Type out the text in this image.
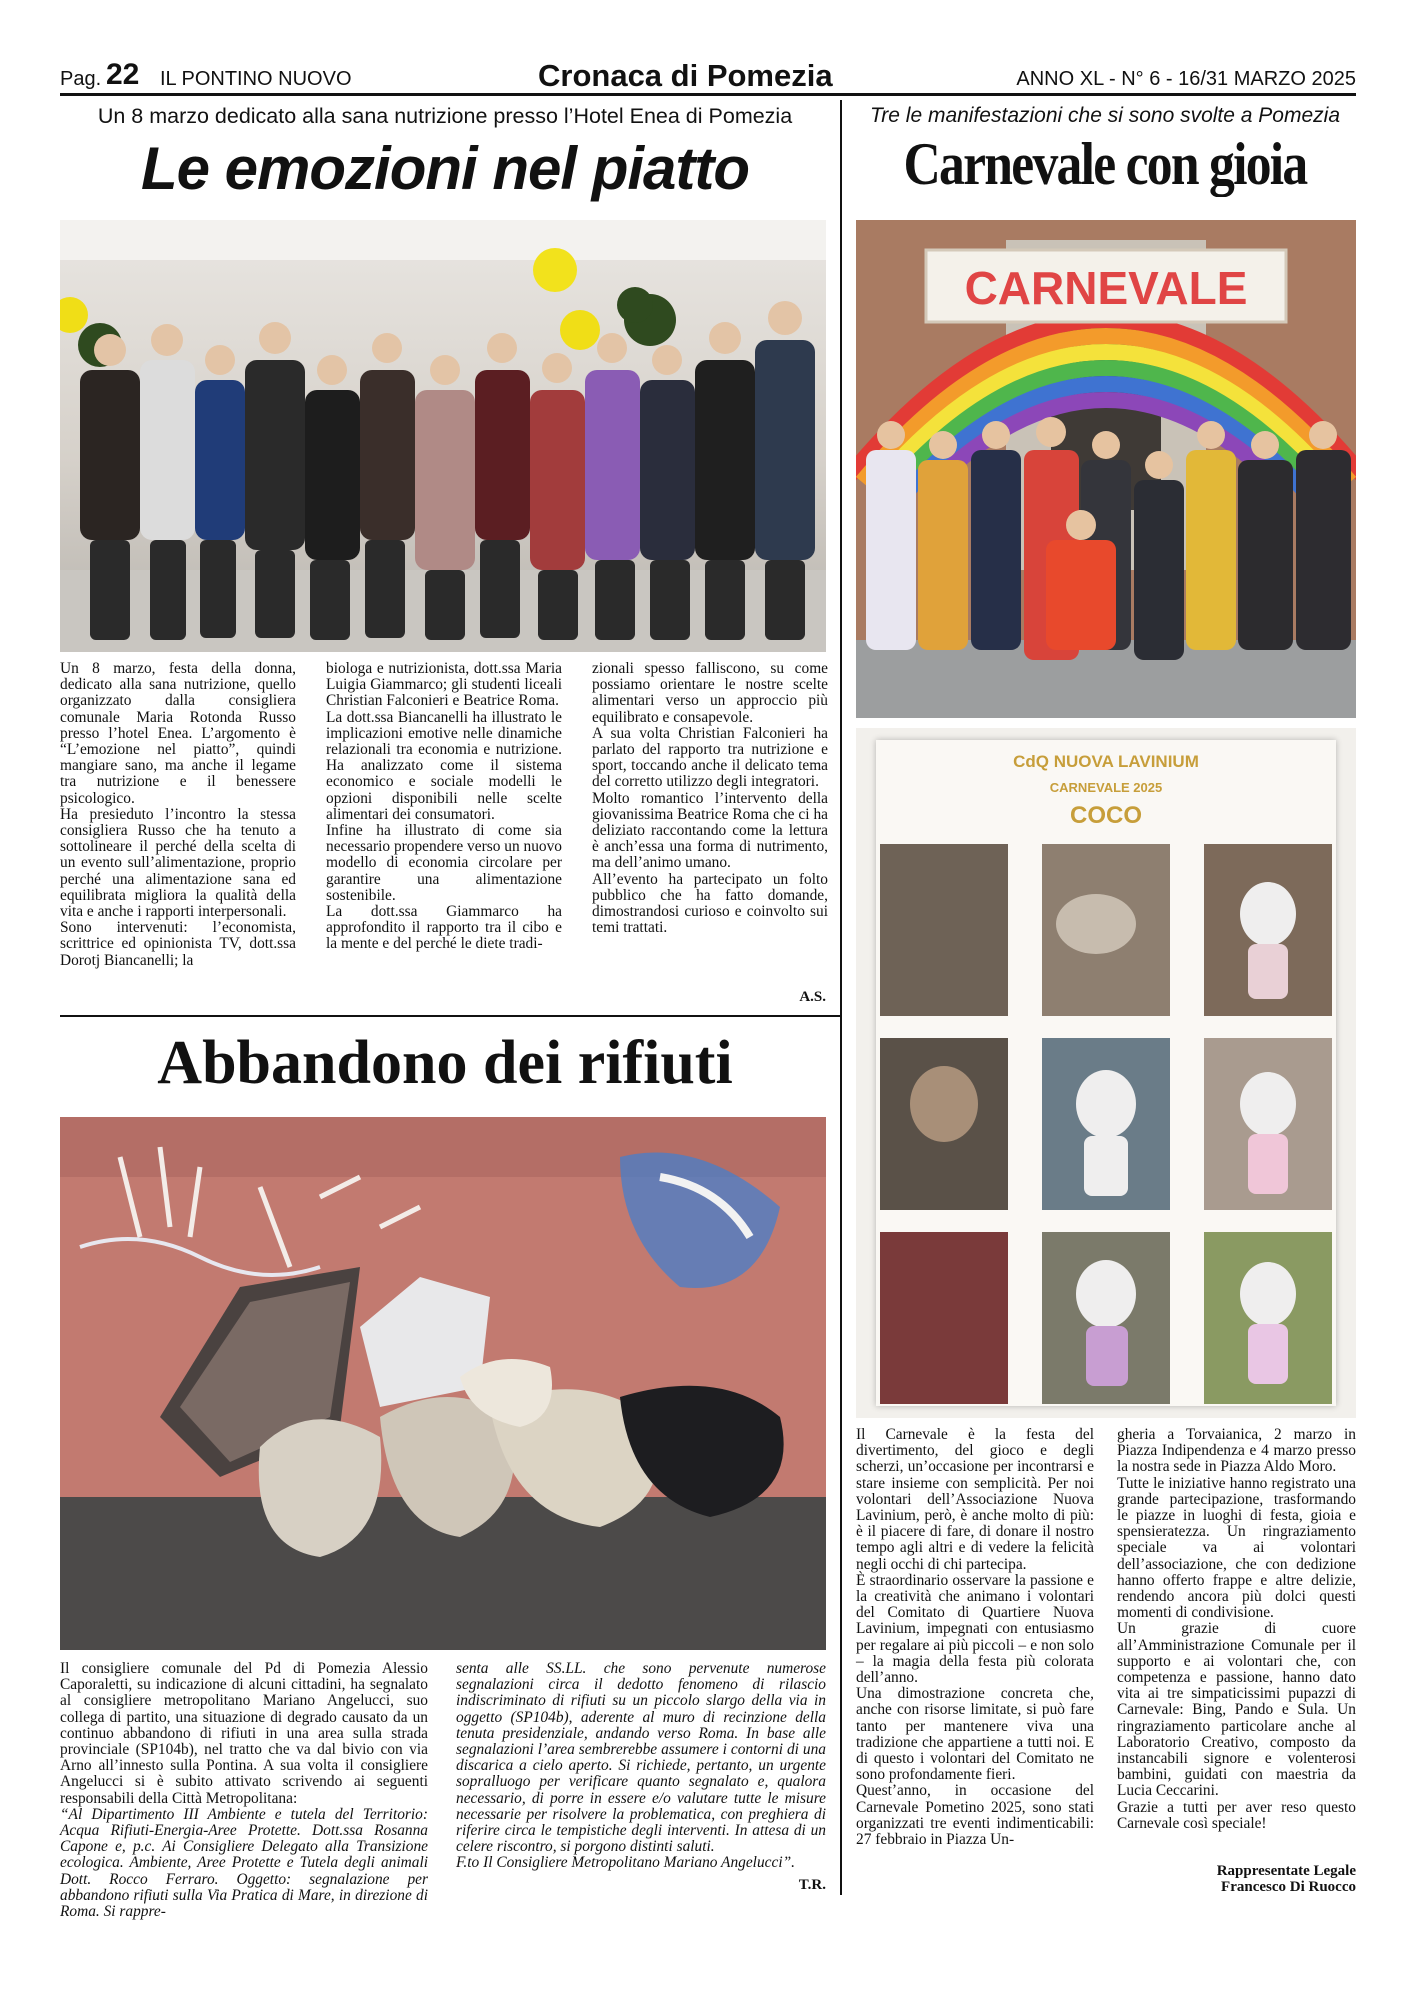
Pag. 22 IL PONTINO NUOVO	Cronaca di Pomezia	ANNO XL - N° 6 - 16/31 MARZO 2025
Un 8 marzo dedicato alla sana nutrizione presso l’Hotel Enea di Pomezia
Le emozioni nel piatto

Un 8 marzo, festa della donna, dedicato alla sana nutrizione, quello organizzato dalla consigliera comunale Maria Rotonda Russo presso l’hotel Enea. L’argomento è “L’emozione nel piatto”, quindi mangiare sano, ma anche il legame tra nutrizione e il benessere psicologico.

Ha presieduto l’incontro la stessa consigliera Russo che ha tenuto a sottolineare il perché della scelta di un evento sull’alimentazione, proprio perché una alimentazione sana ed equilibrata migliora la qualità della vita e anche i rapporti interpersonali.

Sono intervenuti: l’economista, scrittrice ed opinionista TV, dott.ssa Dorotj Biancanelli; la

biologa e nutrizionista, dott.ssa Maria Luigia Giammarco; gli studenti liceali Christian Falconieri e Beatrice Roma.

La dott.ssa Biancanelli ha illustrato le implicazioni emotive nelle dinamiche relazionali tra economia e nutrizione. Ha analizzato come il sistema economico e sociale modelli le opzioni disponibili nelle scelte alimentari dei consumatori.

Infine ha illustrato di come sia necessario propendere verso un nuovo modello di economia circolare per garantire una alimentazione sostenibile.

La dott.ssa Giammarco ha approfondito il rapporto tra il cibo e la mente e del perché le diete tradi-

zionali spesso falliscono, su come possiamo orientare le nostre scelte alimentari verso un approccio più equilibrato e consapevole.

A sua volta Christian Falconieri ha parlato del rapporto tra nutrizione e sport, toccando anche il delicato tema del corretto utilizzo degli integratori.

Molto romantico l’intervento della giovanissima Beatrice Roma che ci ha deliziato raccontando come la lettura è anch’essa una forma di nutrimento, ma dell’animo umano.

All’evento ha partecipato un folto pubblico che ha fatto domande, dimostrandosi curioso e coinvolto sui temi trattati.

A.S.
Abbandono dei rifiuti

Il consigliere comunale del Pd di Pomezia Alessio Caporaletti, su indicazione di alcuni cittadini, ha segnalato al consigliere metropolitano Mariano Angelucci, suo collega di partito, una situazione di degrado causato da un continuo abbandono di rifiuti in una area sulla strada provinciale (SP104b), nel tratto che va dal bivio con via Arno all’innesto sulla Pontina. A sua volta il consigliere Angelucci si è subito attivato scrivendo ai seguenti responsabili della Città Metropolitana:

“Al Dipartimento III Ambiente e tutela del Territorio: Acqua Rifiuti-Energia-Aree Protette. Dott.ssa Rosanna Capone e, p.c. Ai Consigliere Delegato alla Transizione ecologica. Ambiente, Aree Protette e Tutela degli animali Dott. Rocco Ferraro. Oggetto: segnalazione per abbandono rifiuti sulla Via Pratica di Mare, in direzione di Roma. Si rappre-

senta alle SS.LL. che sono pervenute numerose segnalazioni circa il dedotto fenomeno di rilascio indiscriminato di rifiuti su un piccolo slargo della via in oggetto (SP104b), aderente al muro di recinzione della tenuta presidenziale, andando verso Roma. In base alle segnalazioni l’area sembrerebbe assumere i contorni di una discarica a cielo aperto. Si richiede, pertanto, un urgente sopralluogo per verificare quanto segnalato e, qualora necessario, di porre in essere e/o valutare tutte le misure necessarie per risolvere la problematica, con preghiera di riferire circa le tempistiche degli interventi. In attesa di un celere riscontro, si porgono distinti saluti.

F.to Il Consigliere Metropolitano Mariano Angelucci”.

T.R.
Tre le manifestazioni che si sono svolte a Pomezia
Carnevale con gioia
CARNEVALE
CdQ NUOVA LAVINIUM
CARNEVALE 2025
COCO

Il Carnevale è la festa del divertimento, del gioco e degli scherzi, un’occasione per incontrarsi e stare insieme con semplicità. Per noi volontari dell’Associazione Nuova Lavinium, però, è anche molto di più: è il piacere di fare, di donare il nostro tempo agli altri e di vedere la felicità negli occhi di chi partecipa.

È straordinario osservare la passione e la creatività che animano i volontari del Comitato di Quartiere Nuova Lavinium, impegnati con entusiasmo per regalare ai più piccoli – e non solo – la magia della festa più colorata dell’anno.

Una dimostrazione concreta che, anche con risorse limitate, si può fare tanto per mantenere viva una tradizione che appartiene a tutti noi. E di questo i volontari del Comitato ne sono profondamente fieri.

Quest’anno, in occasione del Carnevale Pometino 2025, sono stati organizzati tre eventi indimenticabili: 27 febbraio in Piazza Un-

gheria a Torvaianica, 2 marzo in Piazza Indipendenza e 4 marzo presso la nostra sede in Piazza Aldo Moro.

Tutte le iniziative hanno registrato una grande partecipazione, trasformando le piazze in luoghi di festa, gioia e spensieratezza. Un ringraziamento speciale va ai volontari dell’associazione, che con dedizione hanno offerto frappe e altre delizie, rendendo ancora più dolci questi momenti di condivisione.

Un grazie di cuore all’Amministrazione Comunale per il supporto e ai volontari che, con competenza e passione, hanno dato vita ai tre simpaticissimi pupazzi di Carnevale: Bing, Pando e Sula. Un ringraziamento particolare anche al Laboratorio Creativo, composto da instancabili signore e volenterosi bambini, guidati con maestria da Lucia Ceccarini.

Grazie a tutti per aver reso questo Carnevale così speciale!

Rappresentate Legale
Francesco Di Ruocco
